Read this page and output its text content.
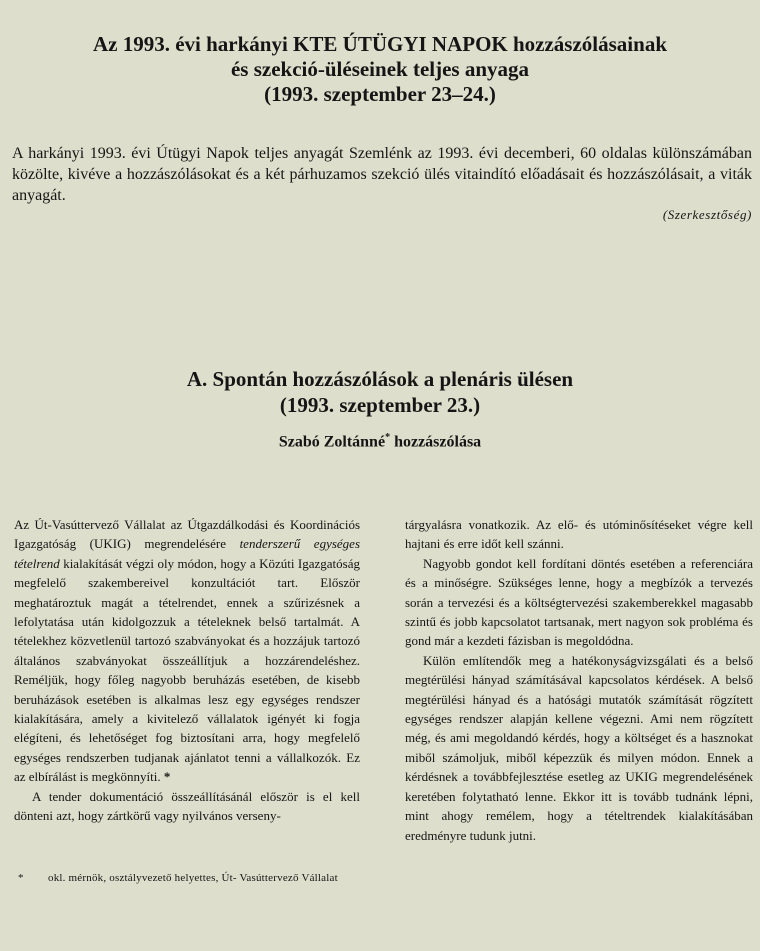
Az 1993. évi harkányi KTE ÚTÜGYI NAPOK hozzászólásainak
és szekció-üléseinek teljes anyaga
(1993. szeptember 23–24.)
A harkányi 1993. évi Útügyi Napok teljes anyagát Szemlénk az 1993. évi decemberi, 60 oldalas különszámában közölte, kivéve a hozzászólásokat és a két párhuzamos szekció ülés vitaindító előadásait és hozzászólásait, a viták anyagát.
(Szerkesztőség)
A. Spontán hozzászólások a plenáris ülésen
(1993. szeptember 23.)
Szabó Zoltánné* hozzászólása

Az Út-Vasúttervező Vállalat az Útgazdálkodási és Koordinációs Igazgatóság (UKIG) megrendelésére tenderszerű egységes tételrend kialakítását végzi oly módon, hogy a Közúti Igazgatóság megfelelő szakembereivel konzultációt tart. Először meghatároztuk magát a tételrendet, ennek a szűrizésnek a lefolytatása után kidolgozzuk a tételeknek belső tartalmát. A tételekhez közvetlenül tartozó szabványokat és a hozzájuk tartozó általános szabványokat összeállítjuk a hozzárendeléshez. Reméljük, hogy főleg nagyobb beruházás esetében, de kisebb beruházások esetében is alkalmas lesz egy egységes rendszer kialakítására, amely a kivitelező vállalatok igényét ki fogja elégíteni, és lehetőséget fog biztosítani arra, hogy megfelelő egységes rendszerben tudjanak ajánlatot tenni a vállalkozók. Ez az elbírálást is megkönnyíti. *

A tender dokumentáció összeállításánál először is el kell dönteni azt, hogy zártkörű vagy nyilvános verseny-

tárgyalásra vonatkozik. Az elő- és utóminősítéseket végre kell hajtani és erre időt kell szánni.

Nagyobb gondot kell fordítani döntés esetében a referenciára és a minőségre. Szükséges lenne, hogy a megbízók a tervezés során a tervezési és a költségtervezési szakemberekkel magasabb szintű és jobb kapcsolatot tartsanak, mert nagyon sok probléma és gond már a kezdeti fázisban is megoldódna.

Külön említendők meg a hatékonyságvizsgálati és a belső megtérülési hányad számításával kapcsolatos kérdések. A belső megtérülési hányad és a hatósági mutatók számítását rögzített egységes rendszer alapján kellene végezni. Ami nem rögzített még, és ami megoldandó kérdés, hogy a költséget és a hasznokat miből számoljuk, miből képezzük és milyen módon. Ennek a kérdésnek a továbbfejlesztése esetleg az UKIG megrendelésének keretében folytatható lenne. Ekkor itt is tovább tudnánk lépni, mint ahogy remélem, hogy a tételtrendek kialakításában eredményre tudunk jutni.

* okl. mérnök, osztályvezető helyettes, Út- Vasúttervező Vállalat
